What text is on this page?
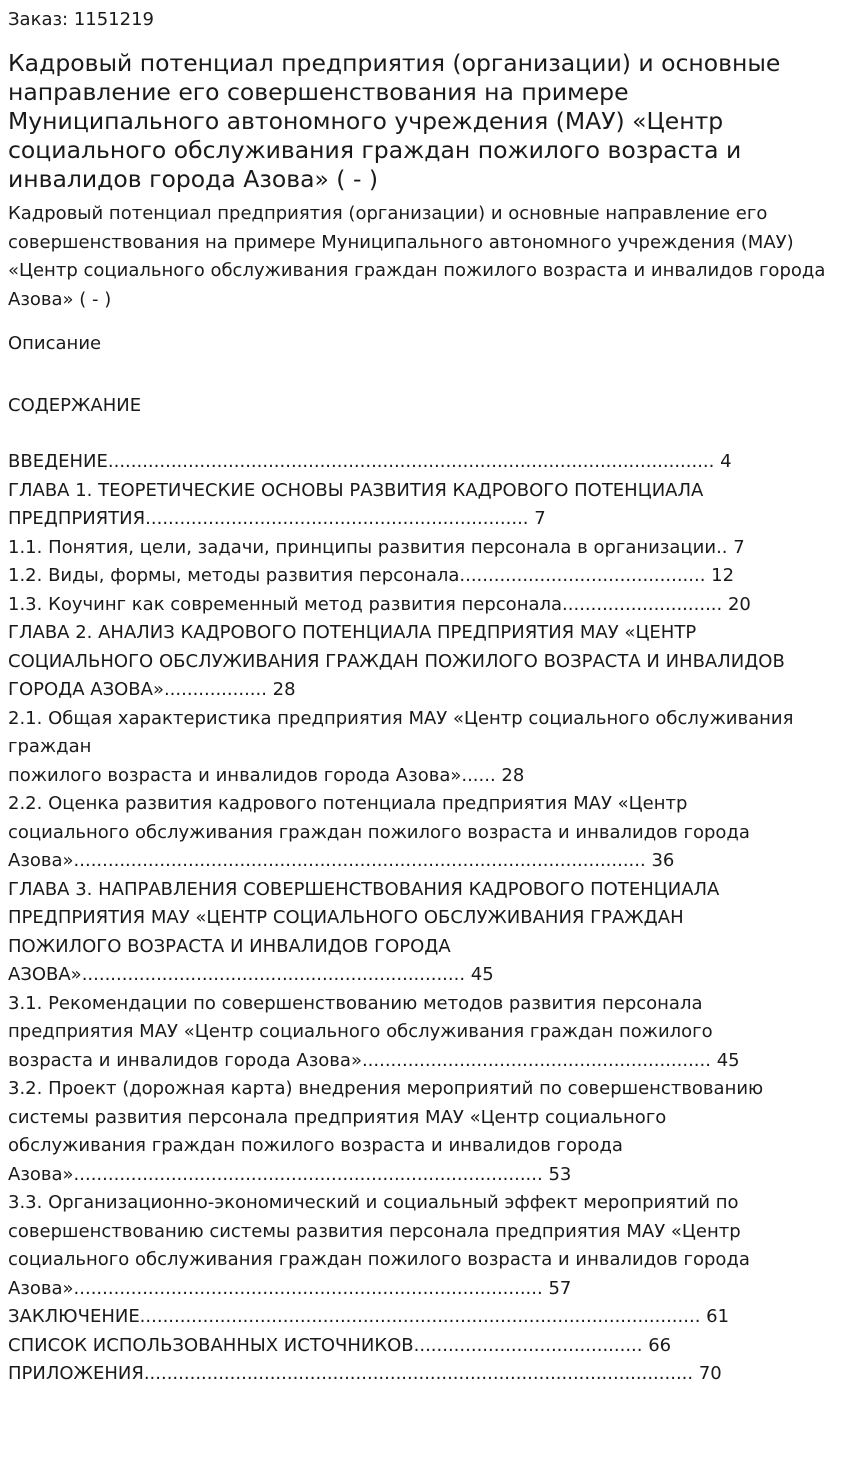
Заказ: 1151219

Кадровый потенциал предприятия (организации) и основные направление его совершенствования на примере Муниципального автономного учреждения (МАУ) «Центр социального обслуживания граждан пожилого возраста и инвалидов города Азова» ( - )

Кадровый потенциал предприятия (организации) и основные направление его совершенствования на примере Муниципального автономного учреждения (МАУ) «Центр социального обслуживания граждан пожилого возраста и инвалидов города Азова» ( - )

Описание

СОДЕРЖАНИЕ

ВВЕДЕНИЕ.......................................................................................................... 4
ГЛАВА 1. ТЕОРЕТИЧЕСКИЕ ОСНОВЫ РАЗВИТИЯ КАДРОВОГО ПОТЕНЦИАЛА
ПРЕДПРИЯТИЯ................................................................... 7
1.1. Понятия, цели, задачи, принципы развития персонала в организации.. 7
1.2. Виды, формы, методы развития персонала........................................... 12
1.3. Коучинг как современный метод развития персонала............................ 20
ГЛАВА 2. АНАЛИЗ КАДРОВОГО ПОТЕНЦИАЛА ПРЕДПРИЯТИЯ МАУ «ЦЕНТР
СОЦИАЛЬНОГО ОБСЛУЖИВАНИЯ ГРАЖДАН ПОЖИЛОГО ВОЗРАСТА И ИНВАЛИДОВ
ГОРОДА АЗОВА».................. 28
2.1. Общая характеристика предприятия МАУ «Центр социального обслуживания
граждан
пожилого возраста и инвалидов города Азова»...... 28
2.2. Оценка развития кадрового потенциала предприятия МАУ «Центр
социального обслуживания граждан пожилого возраста и инвалидов города
Азова».................................................................................................... 36
ГЛАВА 3. НАПРАВЛЕНИЯ СОВЕРШЕНСТВОВАНИЯ КАДРОВОГО ПОТЕНЦИАЛА
ПРЕДПРИЯТИЯ МАУ «ЦЕНТР СОЦИАЛЬНОГО ОБСЛУЖИВАНИЯ ГРАЖДАН
ПОЖИЛОГО ВОЗРАСТА И ИНВАЛИДОВ ГОРОДА
АЗОВА»................................................................... 45
3.1. Рекомендации по совершенствованию методов развития персонала
предприятия МАУ «Центр социального обслуживания граждан пожилого
возраста и инвалидов города Азова»............................................................. 45
3.2. Проект (дорожная карта) внедрения мероприятий по совершенствованию
системы развития персонала предприятия МАУ «Центр социального
обслуживания граждан пожилого возраста и инвалидов города
Азова».................................................................................. 53
3.3. Организационно-экономический и социальный эффект мероприятий по
совершенствованию системы развития персонала предприятия МАУ «Центр
социального обслуживания граждан пожилого возраста и инвалидов города
Азова».................................................................................. 57
ЗАКЛЮЧЕНИЕ.................................................................................................. 61
СПИСОК ИСПОЛЬЗОВАННЫХ ИСТОЧНИКОВ........................................ 66
ПРИЛОЖЕНИЯ................................................................................................ 70
